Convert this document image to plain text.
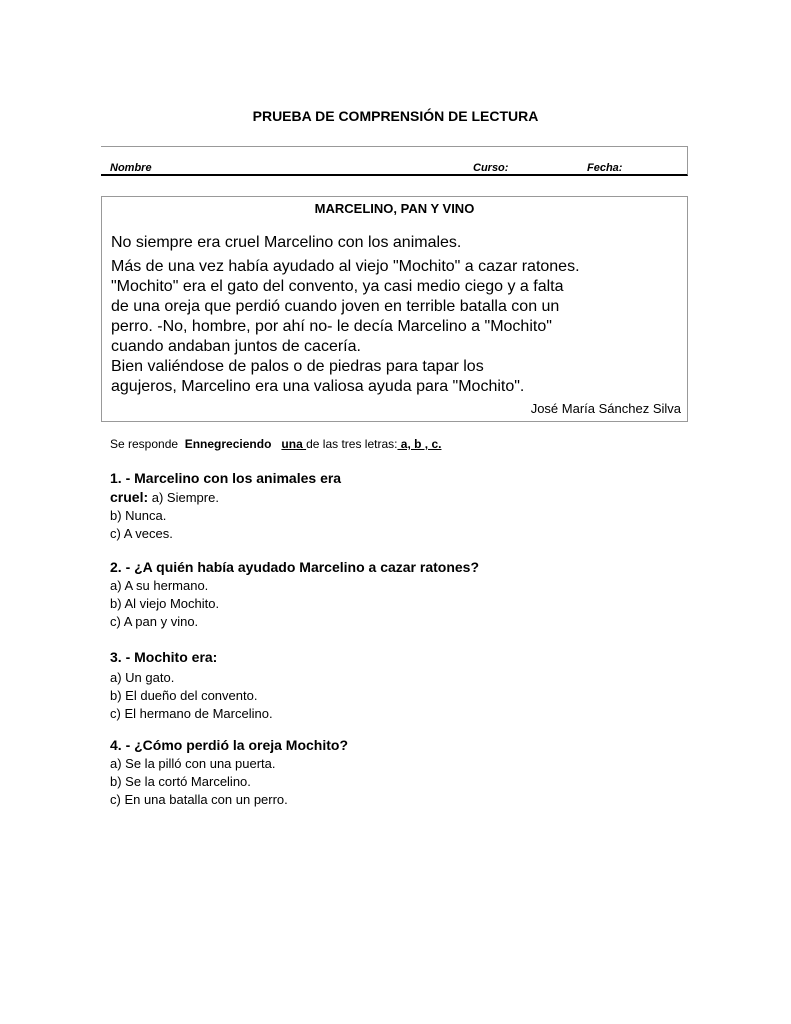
PRUEBA DE COMPRENSIÓN DE LECTURA
Nombre	Curso:	Fecha:
MARCELINO, PAN Y VINO
No siempre era cruel Marcelino con los animales.
Más de una vez había ayudado al viejo "Mochito" a cazar ratones.
"Mochito" era el gato del convento, ya casi medio ciego y a falta
de una oreja que perdió cuando joven en terrible batalla con un
perro. -No, hombre, por ahí no- le decía Marcelino a "Mochito"
cuando andaban juntos de cacería.
Bien valiéndose de palos o de piedras para tapar los
agujeros, Marcelino era una valiosa ayuda para "Mochito".
José María Sánchez Silva
Se responde  Ennegreciendo una de las tres letras: a, b , c.
1. - Marcelino con los animales era
cruel: a) Siempre.
b) Nunca.
c) A veces.
2. - ¿A quién había ayudado Marcelino a cazar ratones?
a) A su hermano.
b) Al viejo Mochito.
c) A pan y vino.
3. - Mochito era:
a) Un gato.
b) El dueño del convento.
c) El hermano de Marcelino.
4. - ¿Cómo perdió la oreja Mochito?
a) Se la pilló con una puerta.
b) Se la cortó Marcelino.
c) En una batalla con un perro.
